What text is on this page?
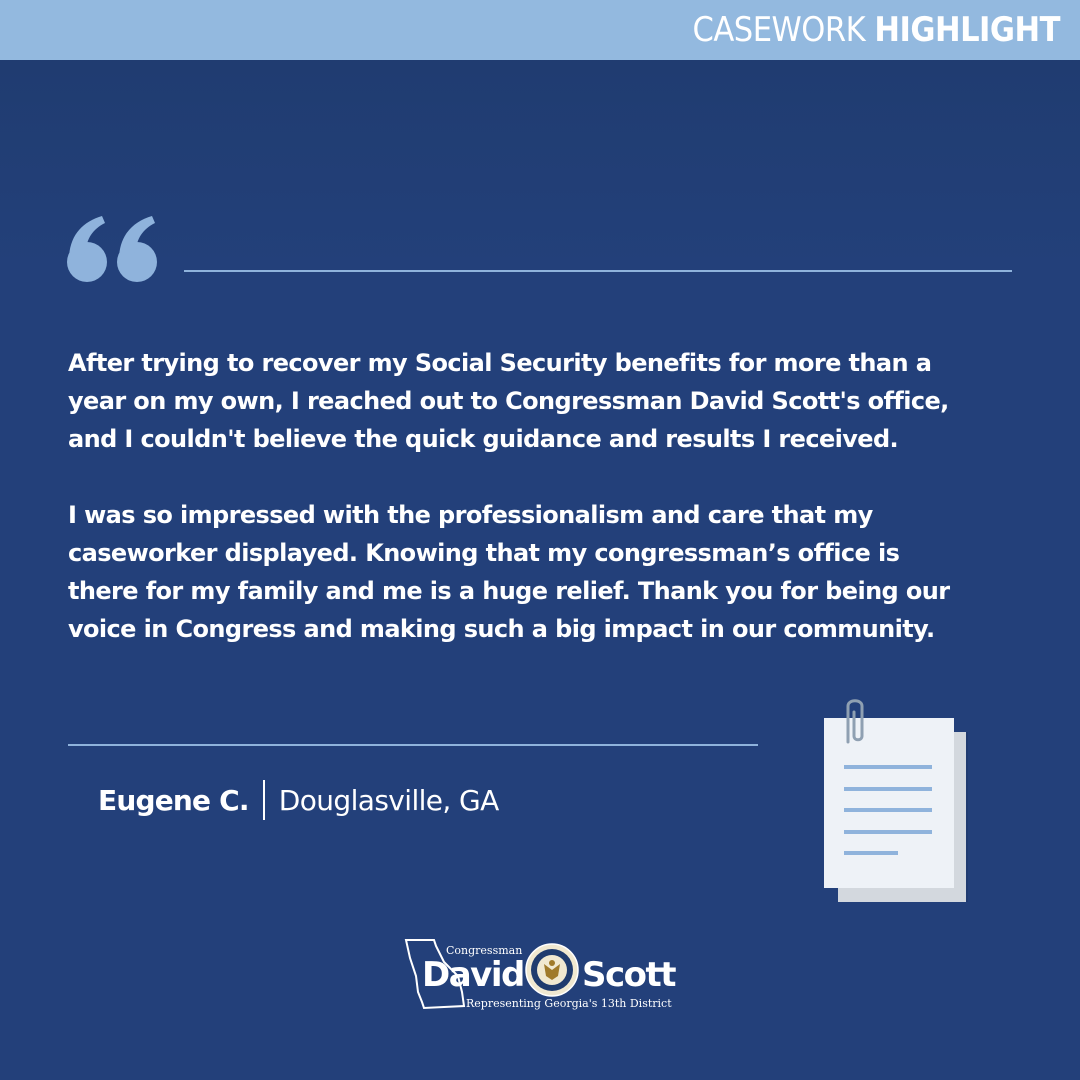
CASEWORK HIGHLIGHT

After trying to recover my Social Security benefits for more than a
year on my own, I reached out to Congressman David Scott's office,
and I couldn't believe the quick guidance and results I received.

I was so impressed with the professionalism and care that my
caseworker displayed. Knowing that my congressman’s office is
there for my family and me is a huge relief. Thank you for being our
voice in Congress and making such a big impact in our community.

Eugene C. Douglasville, GA
Congressman
David Scott
Representing Georgia's 13th District
